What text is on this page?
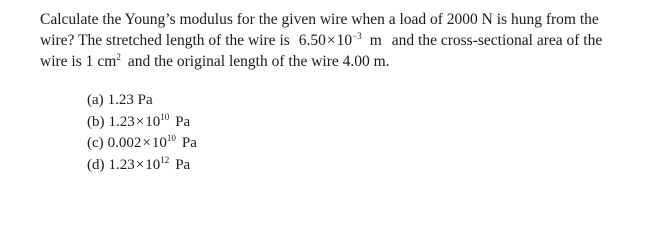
Calculate the Young’s modulus for the given wire when a load of 2000 N is hung from the
wire? The stretched length of the wire is $6.50\times 10^{-3}$ m and the cross-sectional area of the
wire is 1 $cm^2$ and the original length of the wire 4.00 m.
(a) 1.23 Pa
(b) $1.23\times 10^{10}$ Pa
(c) $0.002\times 10^{10}$ Pa
(d) $1.23\times 10^{12}$ Pa
